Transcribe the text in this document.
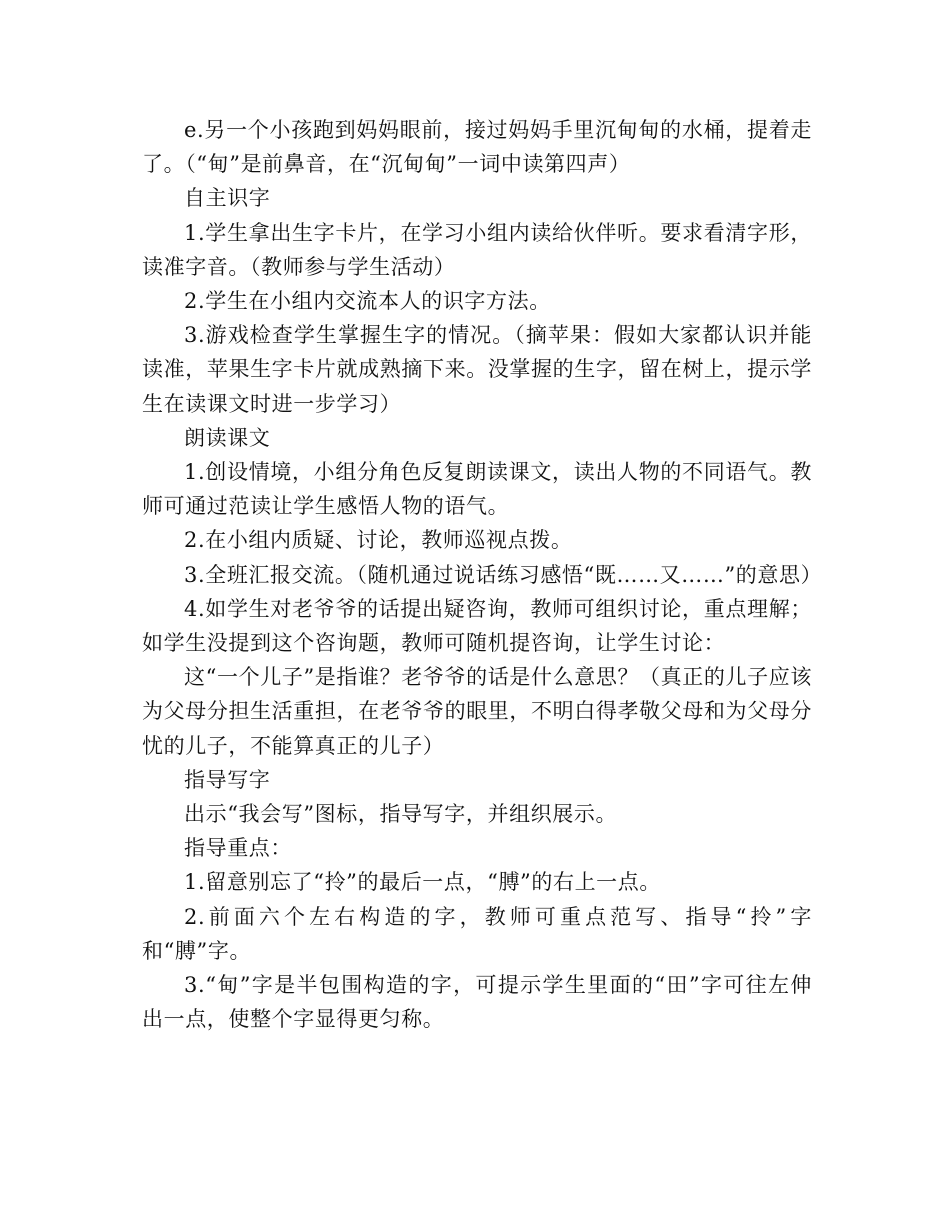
e.另一个小孩跑到妈妈眼前，接过妈妈手里沉甸甸的水桶，提着走了。（“甸”是前鼻音，在“沉甸甸”一词中读第四声）

自主识字

1.学生拿出生字卡片，在学习小组内读给伙伴听。要求看清字形，读准字音。（教师参与学生活动）

2.学生在小组内交流本人的识字方法。

3.游戏检查学生掌握生字的情况。（摘苹果：假如大家都认识并能读准，苹果生字卡片就成熟摘下来。没掌握的生字，留在树上，提示学生在读课文时进一步学习）

朗读课文

1.创设情境，小组分角色反复朗读课文，读出人物的不同语气。教师可通过范读让学生感悟人物的语气。

2.在小组内质疑、讨论，教师巡视点拨。

3.全班汇报交流。（随机通过说话练习感悟“既……又……”的意思）

4.如学生对老爷爷的话提出疑咨询，教师可组织讨论，重点理解；如学生没提到这个咨询题，教师可随机提咨询，让学生讨论：

这“一个儿子”是指谁？老爷爷的话是什么意思？（真正的儿子应该为父母分担生活重担，在老爷爷的眼里，不明白得孝敬父母和为父母分忧的儿子，不能算真正的儿子）

指导写字

出示“我会写”图标，指导写字，并组织展示。

指导重点：

1.留意别忘了“拎”的最后一点，“膊”的右上一点。

2.前面六个左右构造的字，教师可重点范写、指导“拎”字和“膊”字。

3.“甸”字是半包围构造的字，可提示学生里面的“田”字可往左伸出一点，使整个字显得更匀称。
